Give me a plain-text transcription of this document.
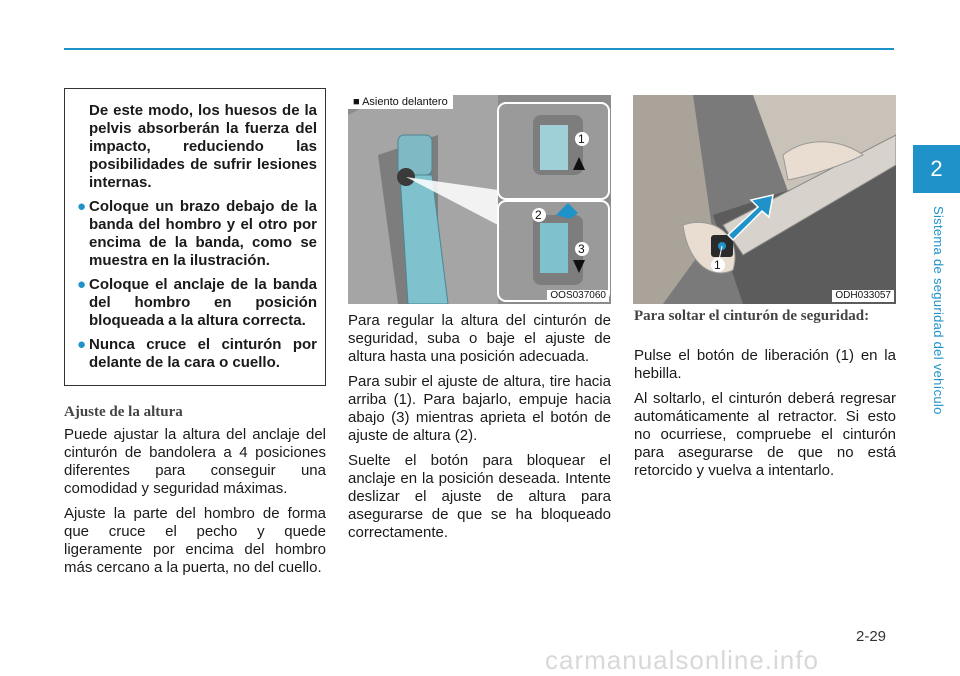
2
Sistema de seguridad del vehículo

De este modo, los huesos de la pelvis absorberán la fuerza del impacto, reduciendo las posibilidades de sufrir lesiones internas.

● Coloque un brazo debajo de la banda del hombro y el otro por encima de la banda, como se muestra en la ilustración.
● Coloque el anclaje de la banda del hombro en posición bloqueada a la altura correcta.
● Nunca cruce el cinturón por delante de la cara o cuello.
Ajuste de la altura

Puede ajustar la altura del anclaje del cinturón de bandolera a 4 posiciones diferentes para conseguir una comodidad y seguridad máximas.

Ajuste la parte del hombro de forma que cruce el pecho y quede ligeramente por encima del hombro más cercano a la puerta, no del cuello.

1
2
3
■ Asiento delantero
OOS037060

Para regular la altura del cinturón de seguridad, suba o baje el ajuste de altura hasta una posición adecuada.

Para subir el ajuste de altura, tire hacia arriba (1). Para bajarlo, empuje hacia abajo (3) mientras aprieta el botón de ajuste de altura (2).

Suelte el botón para bloquear el anclaje en la posición deseada. Intente deslizar el ajuste de altura para asegurarse de que se ha bloqueado correctamente.

1
ODH033057
Para soltar el cinturón de seguridad:

Pulse el botón de liberación (1) en la hebilla.

Al soltarlo, el cinturón deberá regresar automáticamente al retractor. Si esto no ocurriese, compruebe el cinturón para asegurarse de que no está retorcido y vuelva a intentarlo.

2-29
carmanualsonline.info
